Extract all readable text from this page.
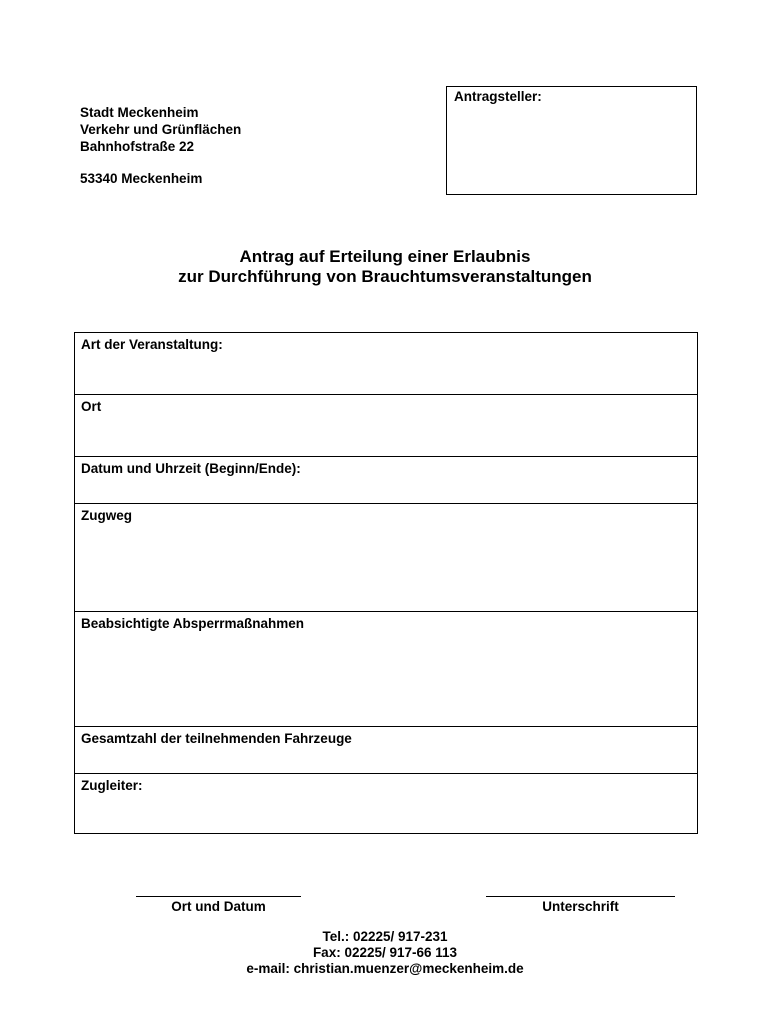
Stadt Meckenheim
Verkehr und Grünflächen
Bahnhofstraße 22
53340 Meckenheim
Antragsteller:
Antrag auf Erteilung einer Erlaubnis
zur Durchführung von Brauchtumsveranstaltungen
Art der Veranstaltung:
Ort
Datum und Uhrzeit (Beginn/Ende):
Zugweg
Beabsichtigte Absperrmaßnahmen
Gesamtzahl der teilnehmenden Fahrzeuge
Zugleiter:
Ort und Datum	Unterschrift
Tel.: 02225/ 917-231
Fax: 02225/ 917-66 113
e-mail: christian.muenzer@meckenheim.de
